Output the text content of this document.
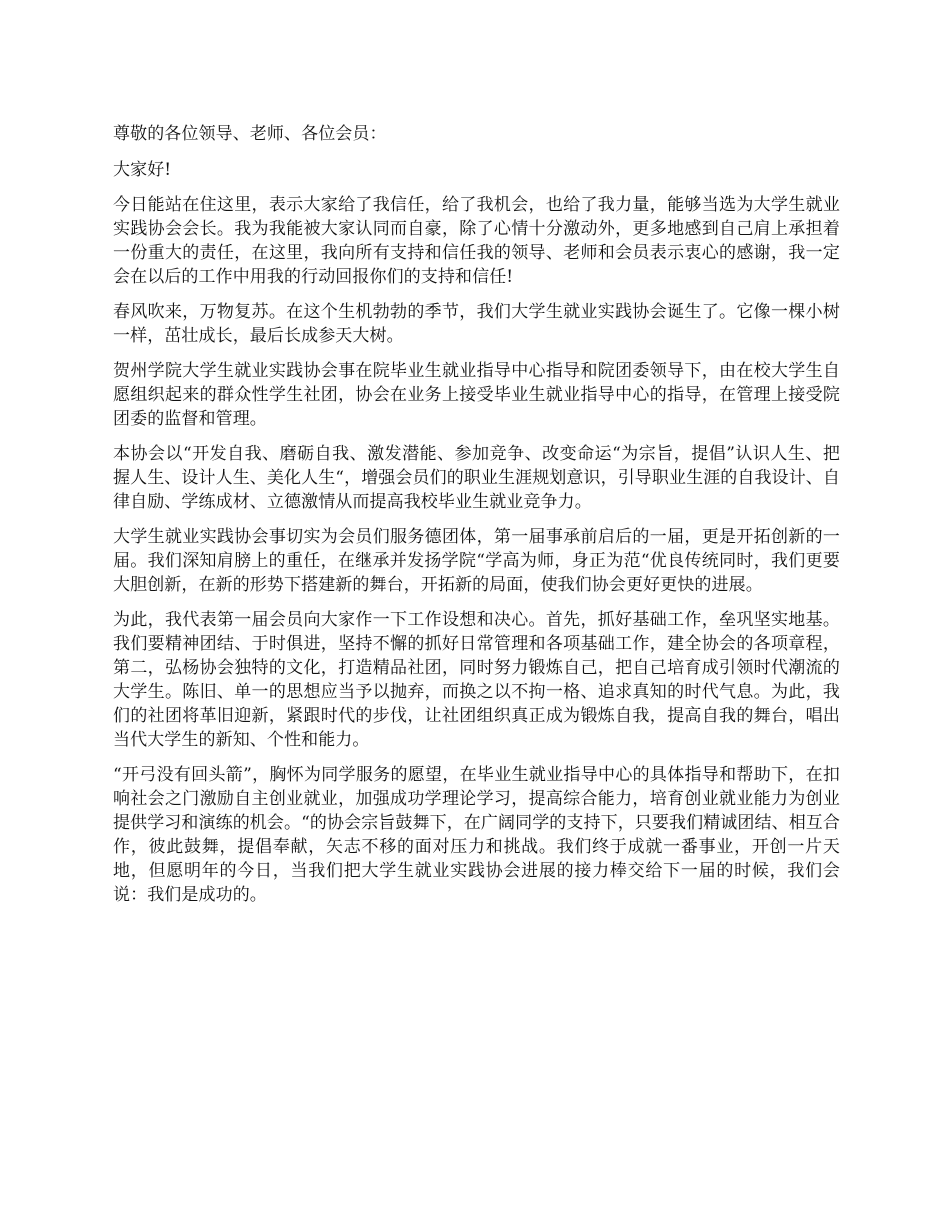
尊敬的各位领导、老师、各位会员：

大家好!

今日能站在住这里，表示大家给了我信任，给了我机会，也给了我力量，能够当选为大学生就业实践协会会长。我为我能被大家认同而自豪，除了心情十分激动外，更多地感到自己肩上承担着一份重大的责任，在这里，我向所有支持和信任我的领导、老师和会员表示衷心的感谢，我一定会在以后的工作中用我的行动回报你们的支持和信任!

春风吹来，万物复苏。在这个生机勃勃的季节，我们大学生就业实践协会诞生了。它像一棵小树一样，茁壮成长，最后长成参天大树。

贺州学院大学生就业实践协会事在院毕业生就业指导中心指导和院团委领导下，由在校大学生自愿组织起来的群众性学生社团，协会在业务上接受毕业生就业指导中心的指导，在管理上接受院团委的监督和管理。

本协会以“开发自我、磨砺自我、激发潜能、参加竞争、改变命运“为宗旨，提倡”认识人生、把握人生、设计人生、美化人生“，增强会员们的职业生涯规划意识，引导职业生涯的自我设计、自律自励、学练成材、立德激情从而提高我校毕业生就业竞争力。

大学生就业实践协会事切实为会员们服务德团体，第一届事承前启后的一届，更是开拓创新的一届。我们深知肩膀上的重任，在继承并发扬学院“学高为师，身正为范“优良传统同时，我们更要大胆创新，在新的形势下搭建新的舞台，开拓新的局面，使我们协会更好更快的进展。

为此，我代表第一届会员向大家作一下工作设想和决心。首先，抓好基础工作，垒巩坚实地基。我们要精神团结、于时俱进，坚持不懈的抓好日常管理和各项基础工作，建全协会的各项章程，第二，弘杨协会独特的文化，打造精品社团，同时努力锻炼自己，把自己培育成引领时代潮流的大学生。陈旧、单一的思想应当予以抛弃，而换之以不拘一格、追求真知的时代气息。为此，我们的社团将革旧迎新，紧跟时代的步伐，让社团组织真正成为锻炼自我，提高自我的舞台，唱出当代大学生的新知、个性和能力。

“开弓没有回头箭”，胸怀为同学服务的愿望，在毕业生就业指导中心的具体指导和帮助下，在扣响社会之门激励自主创业就业，加强成功学理论学习，提高综合能力，培育创业就业能力为创业提供学习和演练的机会。“的协会宗旨鼓舞下，在广阔同学的支持下，只要我们精诚团结、相互合作，彼此鼓舞，提倡奉献，矢志不移的面对压力和挑战。我们终于成就一番事业，开创一片天地，但愿明年的今日，当我们把大学生就业实践协会进展的接力棒交给下一届的时候，我们会说：我们是成功的。
